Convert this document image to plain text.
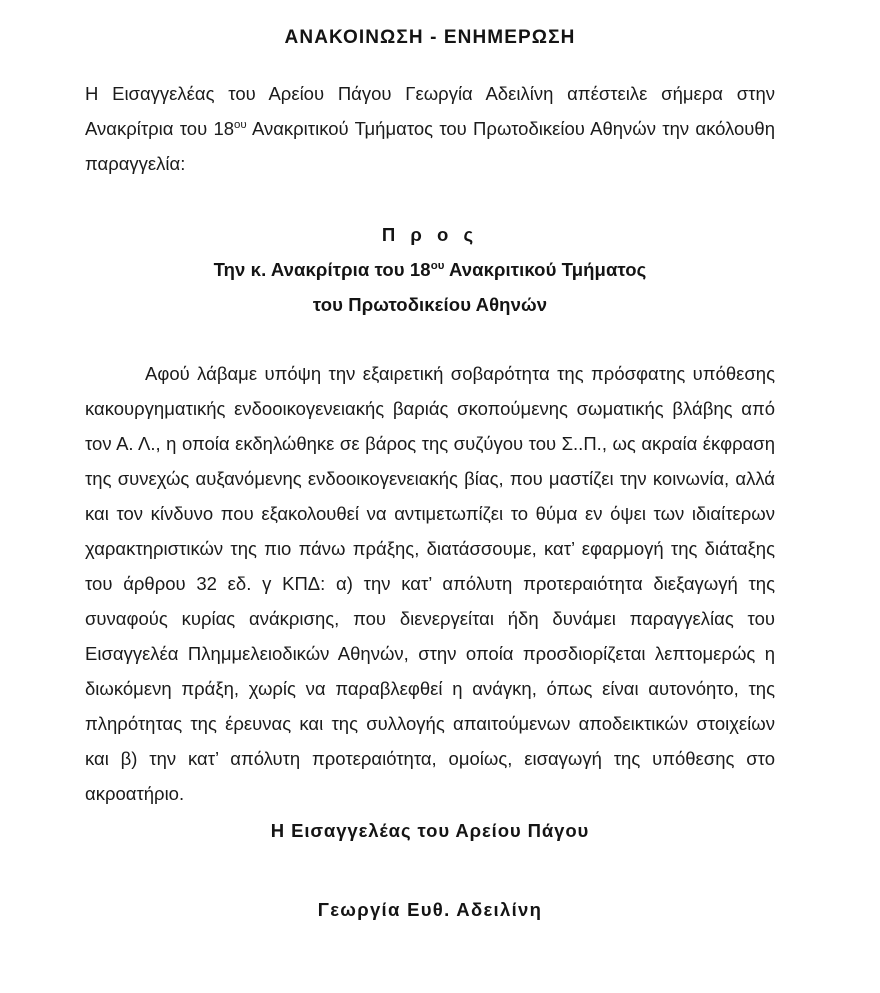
ΑΝΑΚΟΙΝΩΣΗ - ΕΝΗΜΕΡΩΣΗ

Η Εισαγγελέας του Αρείου Πάγου Γεωργία Αδειλίνη απέστειλε σήμερα στην Ανακρίτρια του $18^{o\upsilon}$ Ανακριτικού Τμήματος του Πρωτοδικείου Αθηνών την ακόλουθη παραγγελία:

Π ρ ο ς

Την κ. Ανακρίτρια του $18^{o\upsilon}$ Ανακριτικού Τμήματος

του Πρωτοδικείου Αθηνών

Αφού λάβαμε υπόψη την εξαιρετική σοβαρότητα της πρόσφατης υπόθεσης κακουργηματικής ενδοοικογενειακής βαριάς σκοπούμενης σωματικής βλάβης από τον Α. Λ., η οποία εκδηλώθηκε σε βάρος της συζύγου του Σ..Π., ως ακραία έκφραση της συνεχώς αυξανόμενης ενδοοικογενειακής βίας, που μαστίζει την κοινωνία, αλλά και τον κίνδυνο που εξακολουθεί να αντιμετωπίζει το θύμα εν όψει των ιδιαίτερων χαρακτηριστικών της πιο πάνω πράξης, διατάσσουμε, κατ’ εφαρμογή της διάταξης του άρθρου 32 εδ. γ ΚΠΔ: α) την κατ’ απόλυτη προτεραιότητα διεξαγωγή της συναφούς κυρίας ανάκρισης, που διενεργείται ήδη δυνάμει παραγγελίας του Εισαγγελέα Πλημμελειοδικών Αθηνών, στην οποία προσδιορίζεται λεπτομερώς η διωκόμενη πράξη, χωρίς να παραβλεφθεί η ανάγκη, όπως είναι αυτονόητο, της πληρότητας της έρευνας και της συλλογής απαιτούμενων αποδεικτικών στοιχείων και β) την κατ’ απόλυτη προτεραιότητα, ομοίως, εισαγωγή της υπόθεσης στο ακροατήριο.

Η Εισαγγελέας του Αρείου Πάγου

Γεωργία Ευθ. Αδειλίνη
